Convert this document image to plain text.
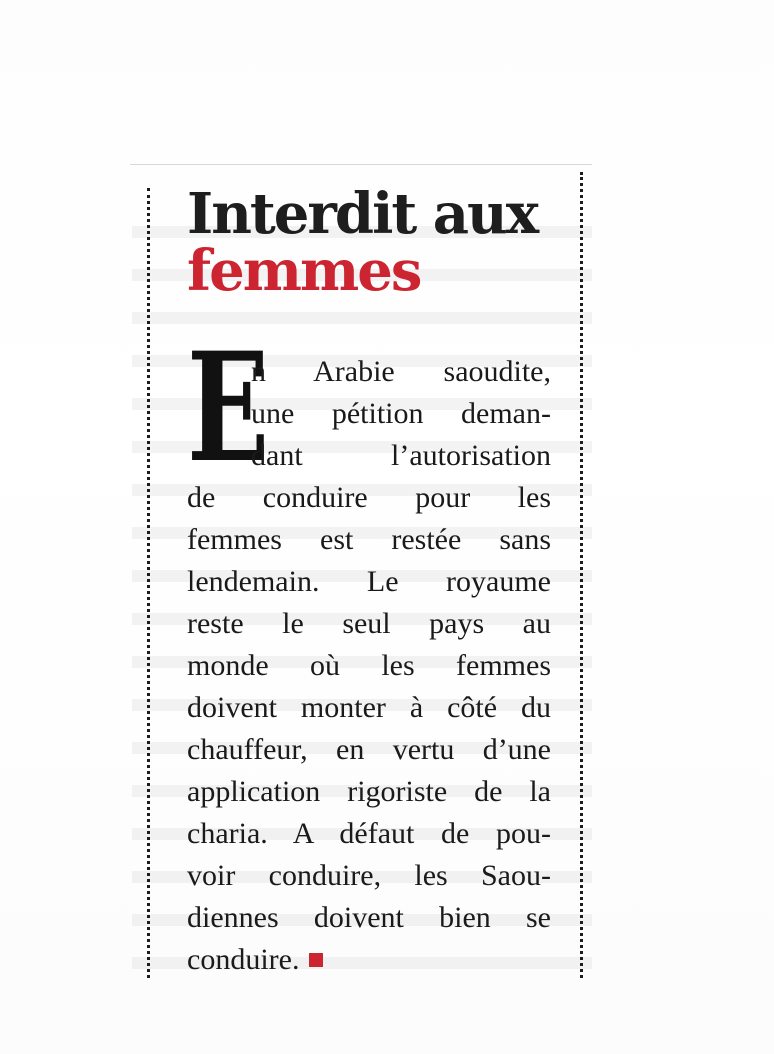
Interdit aux
femmes
E
n Arabie saoudite,
une pétition deman-
dant l’autorisation
de conduire pour les
femmes est restée sans
lendemain. Le royaume
reste le seul pays au
monde où les femmes
doivent monter à côté du
chauffeur, en vertu d’une
application rigoriste de la
charia. A défaut de pou-
voir conduire, les Saou-
diennes doivent bien se
conduire.
